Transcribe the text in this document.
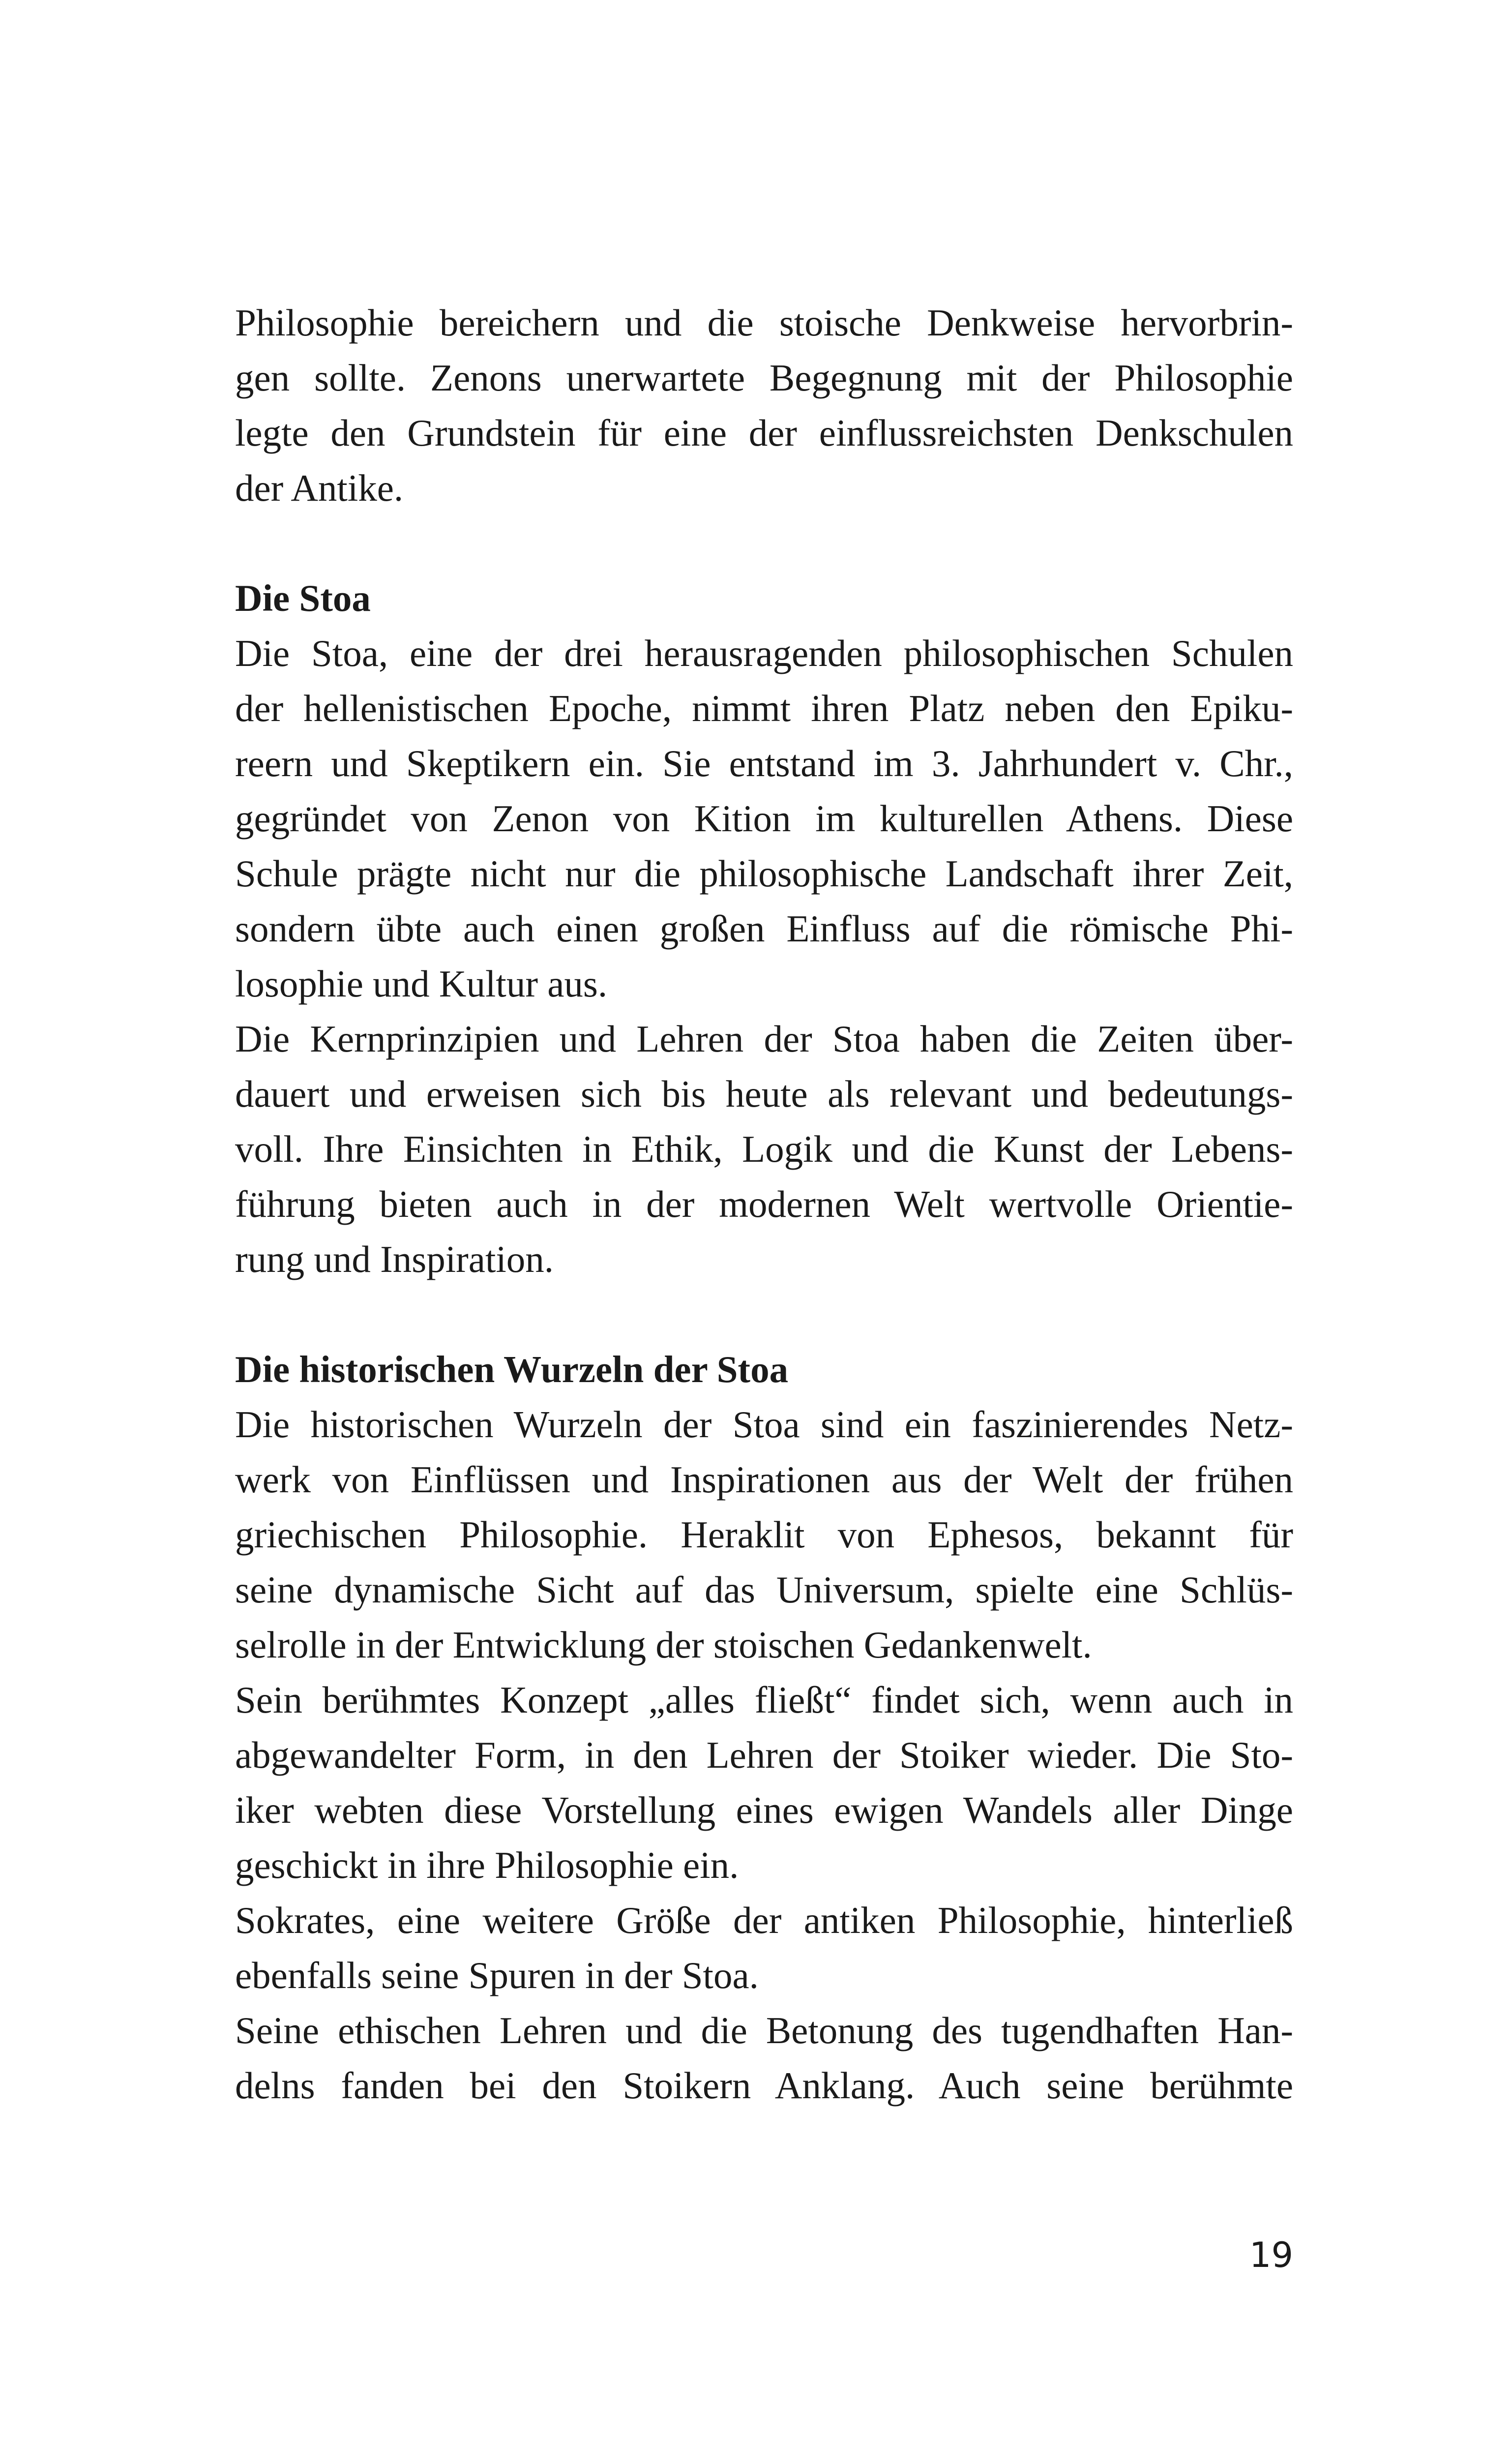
Philosophie bereichern und die stoische Denkweise hervorbrin-
gen sollte. Zenons unerwartete Begegnung mit der Philosophie
legte den Grundstein für eine der einflussreichsten Denkschulen
der Antike.
Die Stoa
Die Stoa, eine der drei herausragenden philosophischen Schulen
der hellenistischen Epoche, nimmt ihren Platz neben den Epiku-
reern und Skeptikern ein. Sie entstand im 3. Jahrhundert v. Chr.,
gegründet von Zenon von Kition im kulturellen Athens. Diese
Schule prägte nicht nur die philosophische Landschaft ihrer Zeit,
sondern übte auch einen großen Einfluss auf die römische Phi-
losophie und Kultur aus.
Die Kernprinzipien und Lehren der Stoa haben die Zeiten über-
dauert und erweisen sich bis heute als relevant und bedeutungs-
voll. Ihre Einsichten in Ethik, Logik und die Kunst der Lebens-
führung bieten auch in der modernen Welt wertvolle Orientie-
rung und Inspiration.
Die historischen Wurzeln der Stoa
Die historischen Wurzeln der Stoa sind ein faszinierendes Netz-
werk von Einflüssen und Inspirationen aus der Welt der frühen
griechischen Philosophie. Heraklit von Ephesos, bekannt für
seine dynamische Sicht auf das Universum, spielte eine Schlüs-
selrolle in der Entwicklung der stoischen Gedankenwelt.
Sein berühmtes Konzept „alles fließt“ findet sich, wenn auch in
abgewandelter Form, in den Lehren der Stoiker wieder. Die Sto-
iker webten diese Vorstellung eines ewigen Wandels aller Dinge
geschickt in ihre Philosophie ein.
Sokrates, eine weitere Größe der antiken Philosophie, hinterließ
ebenfalls seine Spuren in der Stoa.
Seine ethischen Lehren und die Betonung des tugendhaften Han-
delns fanden bei den Stoikern Anklang. Auch seine berühmte
19
